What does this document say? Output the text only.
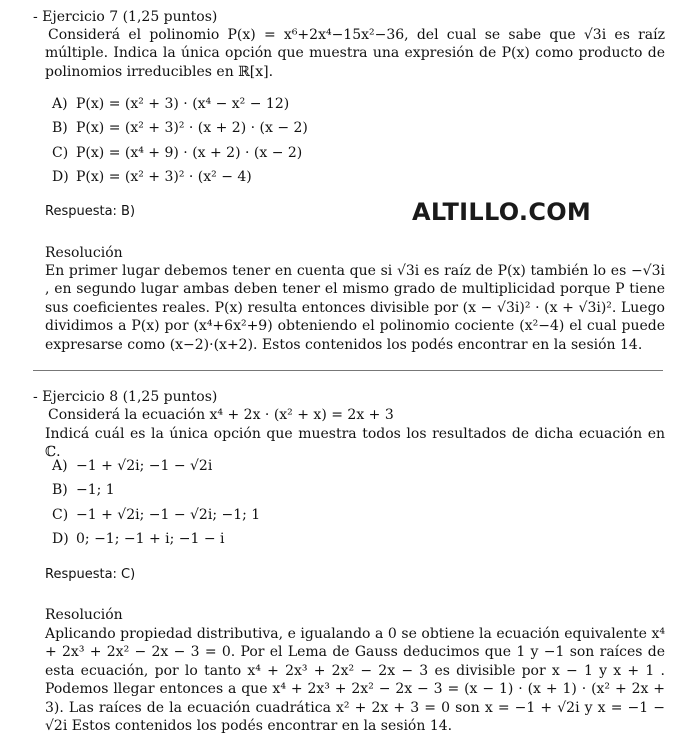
- Ejercicio 7 (1,25 puntos)
Considerá el polinomio P(x) = x⁶+2x⁴−15x²−36, del cual se sabe que √3i es raíz múltiple. Indica la única opción que muestra una expresión de P(x) como producto de polinomios irreducibles en ℝ[x].
A) P(x) = (x² + 3) · (x⁴ − x² − 12)
B) P(x) = (x² + 3)² · (x + 2) · (x − 2)
C) P(x) = (x⁴ + 9) · (x + 2) · (x − 2)
D) P(x) = (x² + 3)² · (x² − 4)
Respuesta: B)	ALTILLO.COM
Resolución
En primer lugar debemos tener en cuenta que si √3i es raíz de P(x) también lo es −√3i , en segundo lugar ambas deben tener el mismo grado de multiplicidad porque P tiene sus coeficientes reales. P(x) resulta entonces divisible por (x − √3i)² · (x + √3i)². Luego dividimos a P(x) por (x⁴+6x²+9) obteniendo el polinomio cociente (x²−4) el cual puede expresarse como (x−2)·(x+2). Estos contenidos los podés encontrar en la sesión 14.
- Ejercicio 8 (1,25 puntos)
Considerá la ecuación x⁴ + 2x · (x² + x) = 2x + 3
Indicá cuál es la única opción que muestra todos los resultados de dicha ecuación en ℂ.
A) −1 + √2i; −1 − √2i
B) −1; 1
C) −1 + √2i; −1 − √2i; −1; 1
D) 0; −1; −1 + i; −1 − i
Respuesta: C)
Resolución
Aplicando propiedad distributiva, e igualando a 0 se obtiene la ecuación equivalente x⁴ + 2x³ + 2x² − 2x − 3 = 0. Por el Lema de Gauss deducimos que 1 y −1 son raíces de esta ecuación, por lo tanto x⁴ + 2x³ + 2x² − 2x − 3 es divisible por x − 1 y x + 1 . Podemos llegar entonces a que x⁴ + 2x³ + 2x² − 2x − 3 = (x − 1) · (x + 1) · (x² + 2x + 3). Las raíces de la ecuación cuadrática x² + 2x + 3 = 0 son x = −1 + √2i y x = −1 − √2i Estos contenidos los podés encontrar en la sesión 14.
